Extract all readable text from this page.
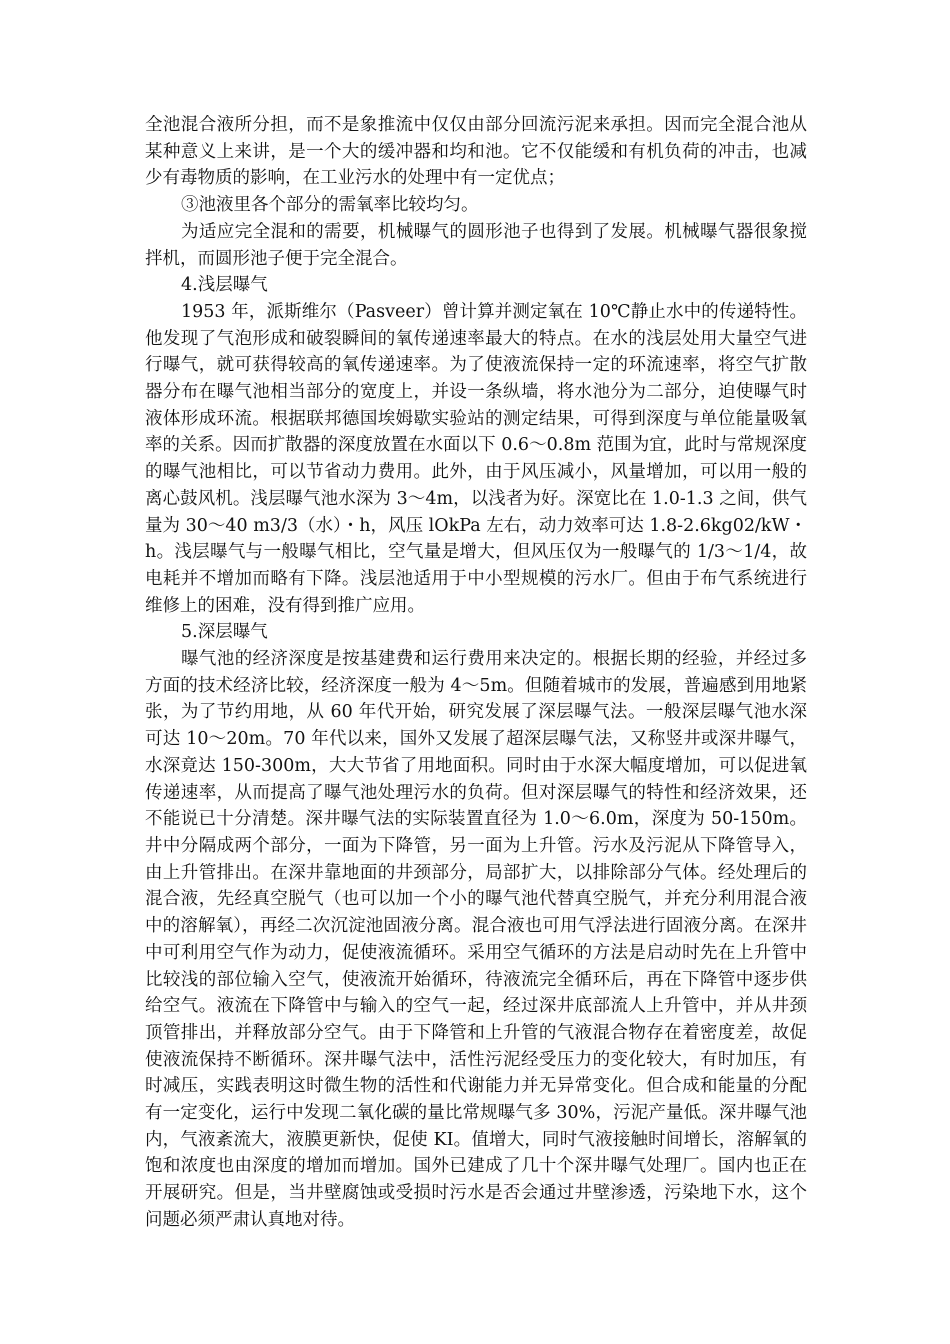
全池混合液所分担，而不是象推流中仅仅由部分回流污泥来承担。因而完全混合池从某种意义上来讲，是一个大的缓冲器和均和池。它不仅能缓和有机负荷的冲击，也减少有毒物质的影响，在工业污水的处理中有一定优点；

③池液里各个部分的需氧率比较均匀。

为适应完全混和的需要，机械曝气的圆形池子也得到了发展。机械曝气器很象搅拌机，而圆形池子便于完全混合。

4.浅层曝气

1953 年，派斯维尔（Pasveer）曾计算并测定氧在 10℃静止水中的传递特性。他发现了气泡形成和破裂瞬间的氧传递速率最大的特点。在水的浅层处用大量空气进行曝气，就可获得较高的氧传递速率。为了使液流保持一定的环流速率，将空气扩散器分布在曝气池相当部分的宽度上，并设一条纵墙，将水池分为二部分，迫使曝气时液体形成环流。根据联邦德国埃姆歇实验站的测定结果，可得到深度与单位能量吸氧率的关系。因而扩散器的深度放置在水面以下 0.6～0.8m 范围为宜，此时与常规深度的曝气池相比，可以节省动力费用。此外，由于风压减小，风量增加，可以用一般的离心鼓风机。浅层曝气池水深为 3～4m，以浅者为好。深宽比在 1.0-1.3 之间，供气量为 30～40 m3/3（水）・h，风压 lOkPa 左右，动力效率可达 1.8-2.6kg02/kW・h。浅层曝气与一般曝气相比，空气量是增大，但风压仅为一般曝气的 1/3～1/4，故电耗并不增加而略有下降。浅层池适用于中小型规模的污水厂。但由于布气系统进行维修上的困难，没有得到推广应用。

5.深层曝气

曝气池的经济深度是按基建费和运行费用来决定的。根据长期的经验，并经过多方面的技术经济比较，经济深度一般为 4～5m。但随着城市的发展，普遍感到用地紧张，为了节约用地，从 60 年代开始，研究发展了深层曝气法。一般深层曝气池水深可达 10～20m。70 年代以来，国外又发展了超深层曝气法，又称竖井或深井曝气，水深竟达 150-300m，大大节省了用地面积。同时由于水深大幅度增加，可以促进氧传递速率，从而提高了曝气池处理污水的负荷。但对深层曝气的特性和经济效果，还不能说已十分清楚。深井曝气法的实际装置直径为 1.0～6.0m，深度为 50-150m。井中分隔成两个部分，一面为下降管，另一面为上升管。污水及污泥从下降管导入，由上升管排出。在深井靠地面的井颈部分，局部扩大，以排除部分气体。经处理后的混合液，先经真空脱气（也可以加一个小的曝气池代替真空脱气，并充分利用混合液中的溶解氧），再经二次沉淀池固液分离。混合液也可用气浮法进行固液分离。在深井中可利用空气作为动力，促使液流循环。采用空气循环的方法是启动时先在上升管中比较浅的部位输入空气，使液流开始循环，待液流完全循环后，再在下降管中逐步供给空气。液流在下降管中与输入的空气一起，经过深井底部流人上升管中，并从井颈顶管排出，并释放部分空气。由于下降管和上升管的气液混合物存在着密度差，故促使液流保持不断循环。深井曝气法中，活性污泥经受压力的变化较大，有时加压，有时减压，实践表明这时微生物的活性和代谢能力并无异常变化。但合成和能量的分配有一定变化，运行中发现二氧化碳的量比常规曝气多 30%，污泥产量低。深井曝气池内，气液紊流大，液膜更新快，促使 KI。值增大，同时气液接触时间增长，溶解氧的饱和浓度也由深度的增加而增加。国外已建成了几十个深井曝气处理厂。国内也正在开展研究。但是，当井壁腐蚀或受损时污水是否会通过井壁渗透，污染地下水，这个问题必须严肃认真地对待。
